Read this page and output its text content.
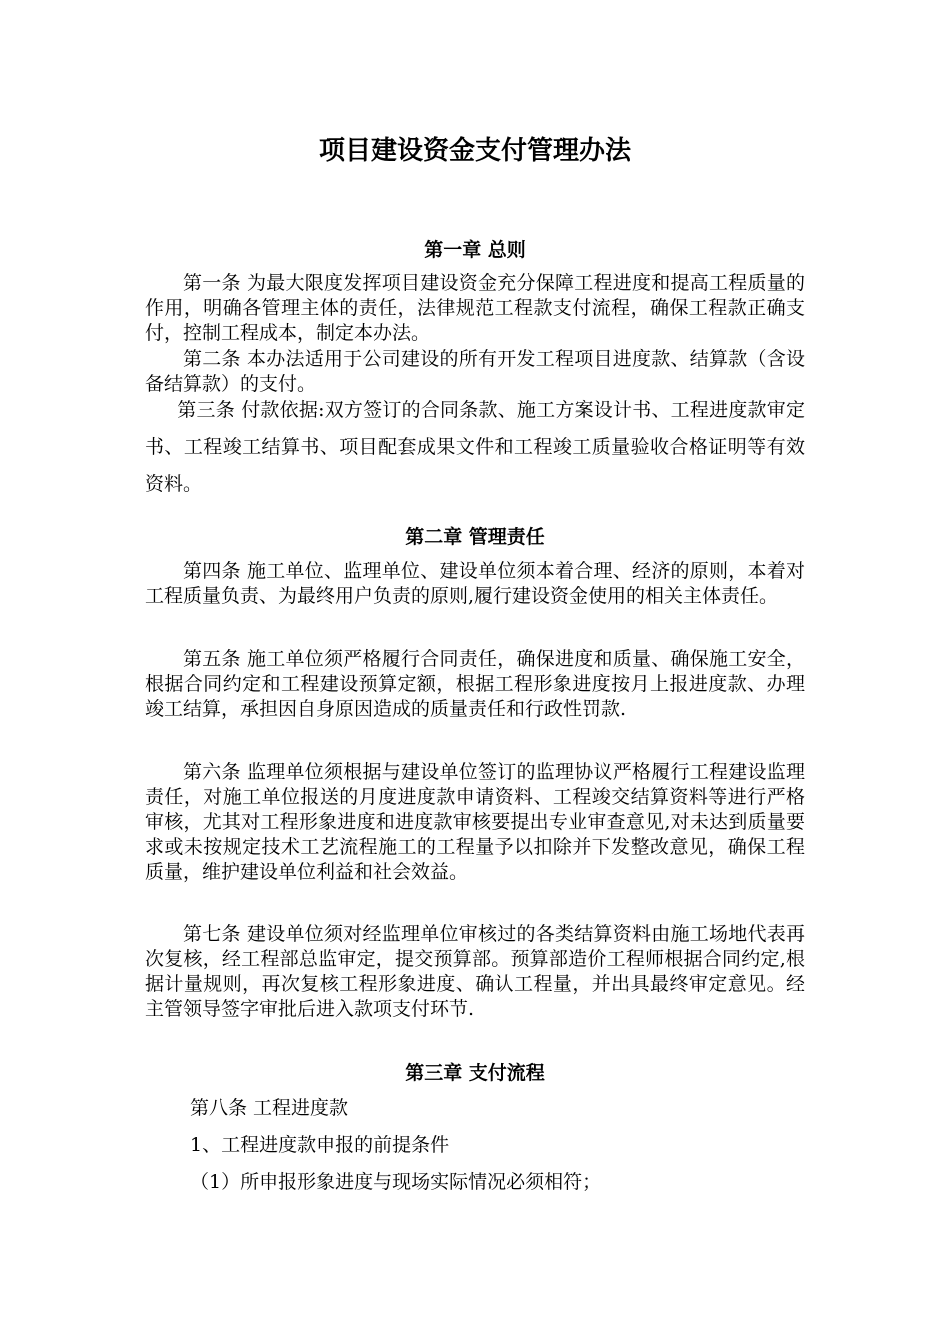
项目建设资金支付管理办法
第一章 总则

第一条 为最大限度发挥项目建设资金充分保障工程进度和提高工程质量的作用，明确各管理主体的责任，法律规范工程款支付流程，确保工程款正确支付，控制工程成本，制定本办法。

第二条 本办法适用于公司建设的所有开发工程项目进度款、结算款（含设备结算款）的支付。

第三条 付款依据:双方签订的合同条款、施工方案设计书、工程进度款审定书、工程竣工结算书、项目配套成果文件和工程竣工质量验收合格证明等有效资料。

第二章 管理责任

第四条 施工单位、监理单位、建设单位须本着合理、经济的原则，本着对工程质量负责、为最终用户负责的原则,履行建设资金使用的相关主体责任。

第五条 施工单位须严格履行合同责任，确保进度和质量、确保施工安全，根据合同约定和工程建设预算定额，根据工程形象进度按月上报进度款、办理竣工结算，承担因自身原因造成的质量责任和行政性罚款.

第六条 监理单位须根据与建设单位签订的监理协议严格履行工程建设监理责任，对施工单位报送的月度进度款申请资料、工程竣交结算资料等进行严格审核，尤其对工程形象进度和进度款审核要提出专业审查意见,对未达到质量要求或未按规定技术工艺流程施工的工程量予以扣除并下发整改意见，确保工程质量，维护建设单位利益和社会效益。

第七条 建设单位须对经监理单位审核过的各类结算资料由施工场地代表再次复核，经工程部总监审定，提交预算部。预算部造价工程师根据合同约定,根据计量规则，再次复核工程形象进度、确认工程量，并出具最终审定意见。经主管领导签字审批后进入款项支付环节.

第三章 支付流程

第八条 工程进度款

1、工程进度款申报的前提条件

（1）所申报形象进度与现场实际情况必须相符；
